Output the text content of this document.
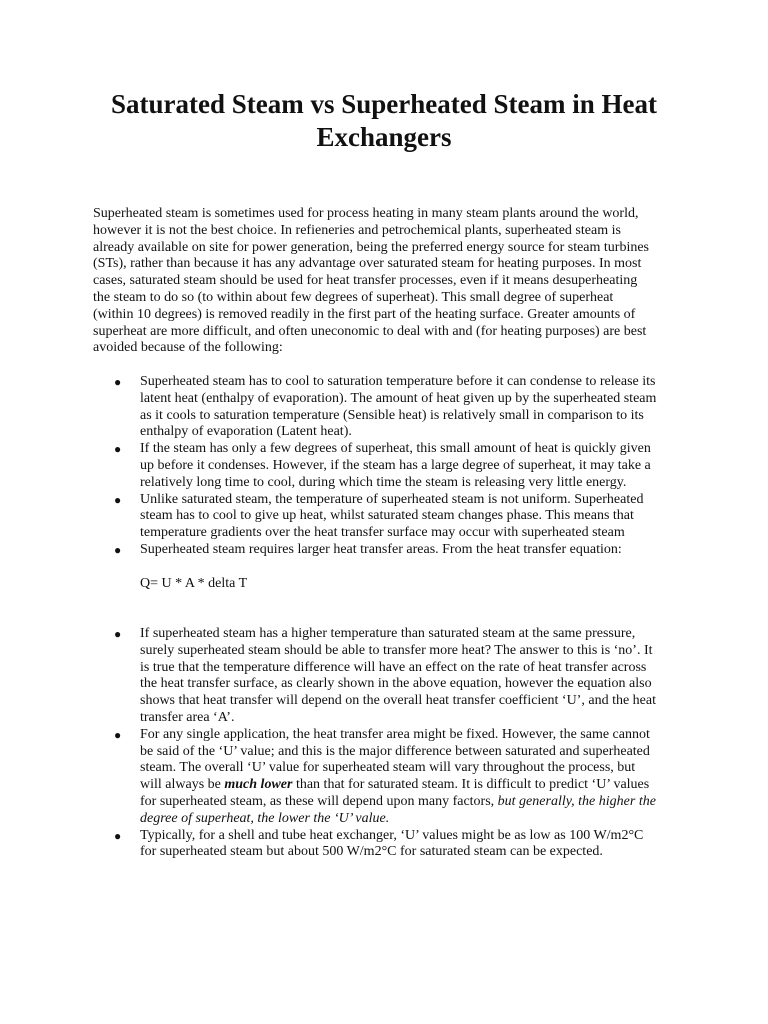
Saturated Steam vs Superheated Steam in Heat Exchangers

Superheated steam is sometimes used for process heating in many steam plants around the world, however it is not the best choice. In refieneries and petrochemical plants, superheated steam is already available on site for power generation, being the preferred energy source for steam turbines (STs), rather than because it has any advantage over saturated steam for heating purposes. In most cases, saturated steam should be used for heat transfer processes, even if it means desuperheating the steam to do so (to within about few degrees of superheat). This small degree of superheat (within 10 degrees) is removed readily in the first part of the heating surface. Greater amounts of superheat are more difficult, and often uneconomic to deal with and (for heating purposes) are best avoided because of the following:

● Superheated steam has to cool to saturation temperature before it can condense to release its latent heat (enthalpy of evaporation). The amount of heat given up by the superheated steam as it cools to saturation temperature (Sensible heat) is relatively small in comparison to its enthalpy of evaporation (Latent heat).
● If the steam has only a few degrees of superheat, this small amount of heat is quickly given up before it condenses. However, if the steam has a large degree of superheat, it may take a relatively long time to cool, during which time the steam is releasing very little energy.
● Unlike saturated steam, the temperature of superheated steam is not uniform. Superheated steam has to cool to give up heat, whilst saturated steam changes phase. This means that temperature gradients over the heat transfer surface may occur with superheated steam
● Superheated steam requires larger heat transfer areas. From the heat transfer equation:
Q= U * A * delta T
● If superheated steam has a higher temperature than saturated steam at the same pressure, surely superheated steam should be able to transfer more heat? The answer to this is ‘no’. It is true that the temperature difference will have an effect on the rate of heat transfer across the heat transfer surface, as clearly shown in the above equation, however the equation also shows that heat transfer will depend on the overall heat transfer coefficient ‘U’, and the heat transfer area ‘A’.
● For any single application, the heat transfer area might be fixed. However, the same cannot be said of the ‘U’ value; and this is the major difference between saturated and superheated steam. The overall ‘U’ value for superheated steam will vary throughout the process, but will always be much lower than that for saturated steam. It is difficult to predict ‘U’ values for superheated steam, as these will depend upon many factors, but generally, the higher the degree of superheat, the lower the ‘U’ value.
● Typically, for a shell and tube heat exchanger, ‘U’ values might be as low as 100 W/m2°C for superheated steam but about 500 W/m2°C for saturated steam can be expected.
